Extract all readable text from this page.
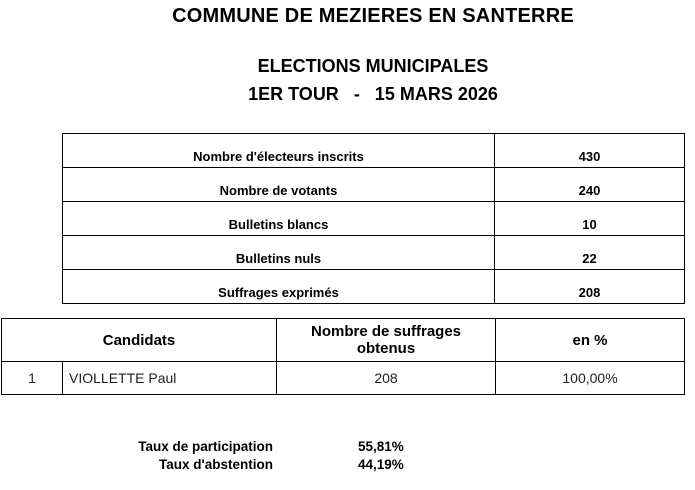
COMMUNE DE MEZIERES EN SANTERRE
ELECTIONS MUNICIPALES
1ER TOUR   -   15 MARS 2026
Nombre d'électeurs inscrits	430
Nombre de votants	240
Bulletins blancs	10
Bulletins nuls	22
Suffrages exprimés	208
Candidats		Nombre de suffrages obtenus	en %
1	VIOLLETTE Paul	208	100,00%
Taux de participation	55,81%
Taux d'abstention	44,19%
